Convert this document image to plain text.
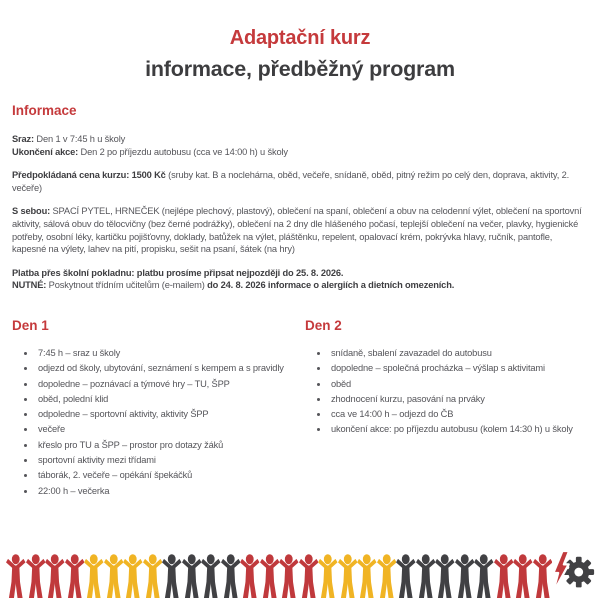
Adaptační kurz
informace, předběžný program
Informace
Sraz: Den 1 v 7:45 h u školy
Ukončení akce: Den 2 po příjezdu autobusu (cca ve 14:00 h) u školy
Předpokládaná cena kurzu: 1500 Kč (sruby kat. B a noclehárna, oběd, večeře, snídaně, oběd, pitný režim po celý den, doprava, aktivity, 2. večeře)
S sebou: SPACÍ PYTEL, HRNEČEK (nejlépe plechový, plastový), oblečení na spaní, oblečení a obuv na celodenní výlet, oblečení na sportovní aktivity, sálová obuv do tělocvičny (bez černé podrážky), oblečení na 2 dny dle hlášeného počasí, teplejší oblečení na večer, plavky, hygienické potřeby, osobní léky, kartičku pojišťovny, doklady, batůžek na výlet, pláštěnku, repelent, opalovací krém, pokrývka hlavy, ručník, pantofle, kapesné na výlety, lahev na pití, propisku, sešit na psaní, šátek (na hry)
Platba přes školní pokladnu: platbu prosíme připsat nejpozději do 25. 8. 2026.
NUTNÉ: Poskytnout třídním učitelům (e-mailem) do 24. 8. 2026 informace o alergiích a dietních omezeních.
Den 1
• 7:45 h – sraz u školy
• odjezd od školy, ubytování, seznámení s kempem a s pravidly
• dopoledne – poznávací a týmové hry – TU, ŠPP
• oběd, polední klid
• odpoledne – sportovní aktivity, aktivity ŠPP
• večeře
• křeslo pro TU a ŠPP – prostor pro dotazy žáků
• sportovní aktivity mezi třídami
• táborák, 2. večeře – opékání špekáčků
• 22:00 h – večerka
Den 2
• snídaně, sbalení zavazadel do autobusu
• dopoledne – společná procházka – výšlap s aktivitami
• oběd
• zhodnocení kurzu, pasování na prváky
• cca ve 14:00 h – odjezd do ČB
• ukončení akce: po příjezdu autobusu (kolem 14:30 h) u školy
